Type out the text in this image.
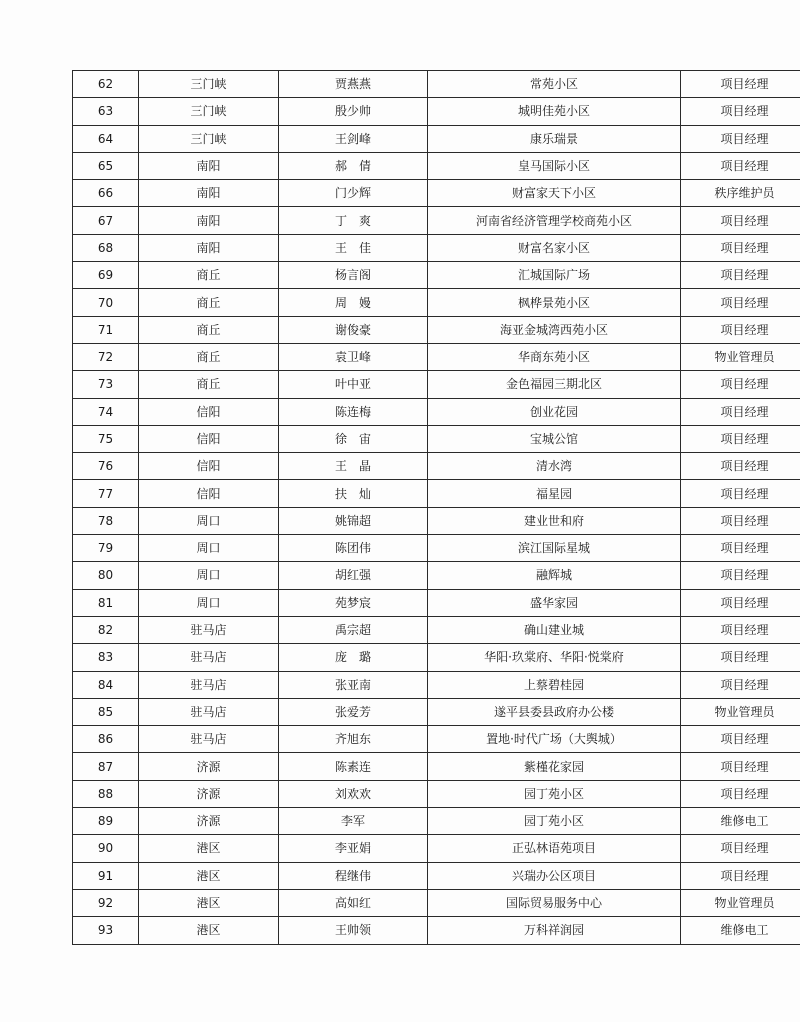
62	三门峡	贾燕燕	常苑小区	项目经理
63	三门峡	殷少帅	城明佳苑小区	项目经理
64	三门峡	王剑峰	康乐瑞景	项目经理
65	南阳	郝　倩	皇马国际小区	项目经理
66	南阳	门少辉	财富家天下小区	秩序维护员
67	南阳	丁　爽	河南省经济管理学校商苑小区	项目经理
68	南阳	王　佳	财富名家小区	项目经理
69	商丘	杨言阁	汇城国际广场	项目经理
70	商丘	周　嫚	枫桦景苑小区	项目经理
71	商丘	谢俊豪	海亚金城湾西苑小区	项目经理
72	商丘	袁卫峰	华商东苑小区	物业管理员
73	商丘	叶中亚	金色福园三期北区	项目经理
74	信阳	陈连梅	创业花园	项目经理
75	信阳	徐　宙	宝城公馆	项目经理
76	信阳	王　晶	清水湾	项目经理
77	信阳	扶　灿	福星园	项目经理
78	周口	姚锦超	建业世和府	项目经理
79	周口	陈团伟	滨江国际星城	项目经理
80	周口	胡红强	融辉城	项目经理
81	周口	苑梦宸	盛华家园	项目经理
82	驻马店	禹宗超	确山建业城	项目经理
83	驻马店	庞　璐	华阳·玖棠府、华阳·悦棠府	项目经理
84	驻马店	张亚南	上蔡碧桂园	项目经理
85	驻马店	张爱芳	遂平县委县政府办公楼	物业管理员
86	驻马店	齐旭东	置地·时代广场（大舆城）	项目经理
87	济源	陈素连	紫槿花家园	项目经理
88	济源	刘欢欢	园丁苑小区	项目经理
89	济源	李军	园丁苑小区	维修电工
90	港区	李亚娟	正弘林语苑项目	项目经理
91	港区	程继伟	兴瑞办公区项目	项目经理
92	港区	高如红	国际贸易服务中心	物业管理员
93	港区	王帅领	万科祥润园	维修电工
